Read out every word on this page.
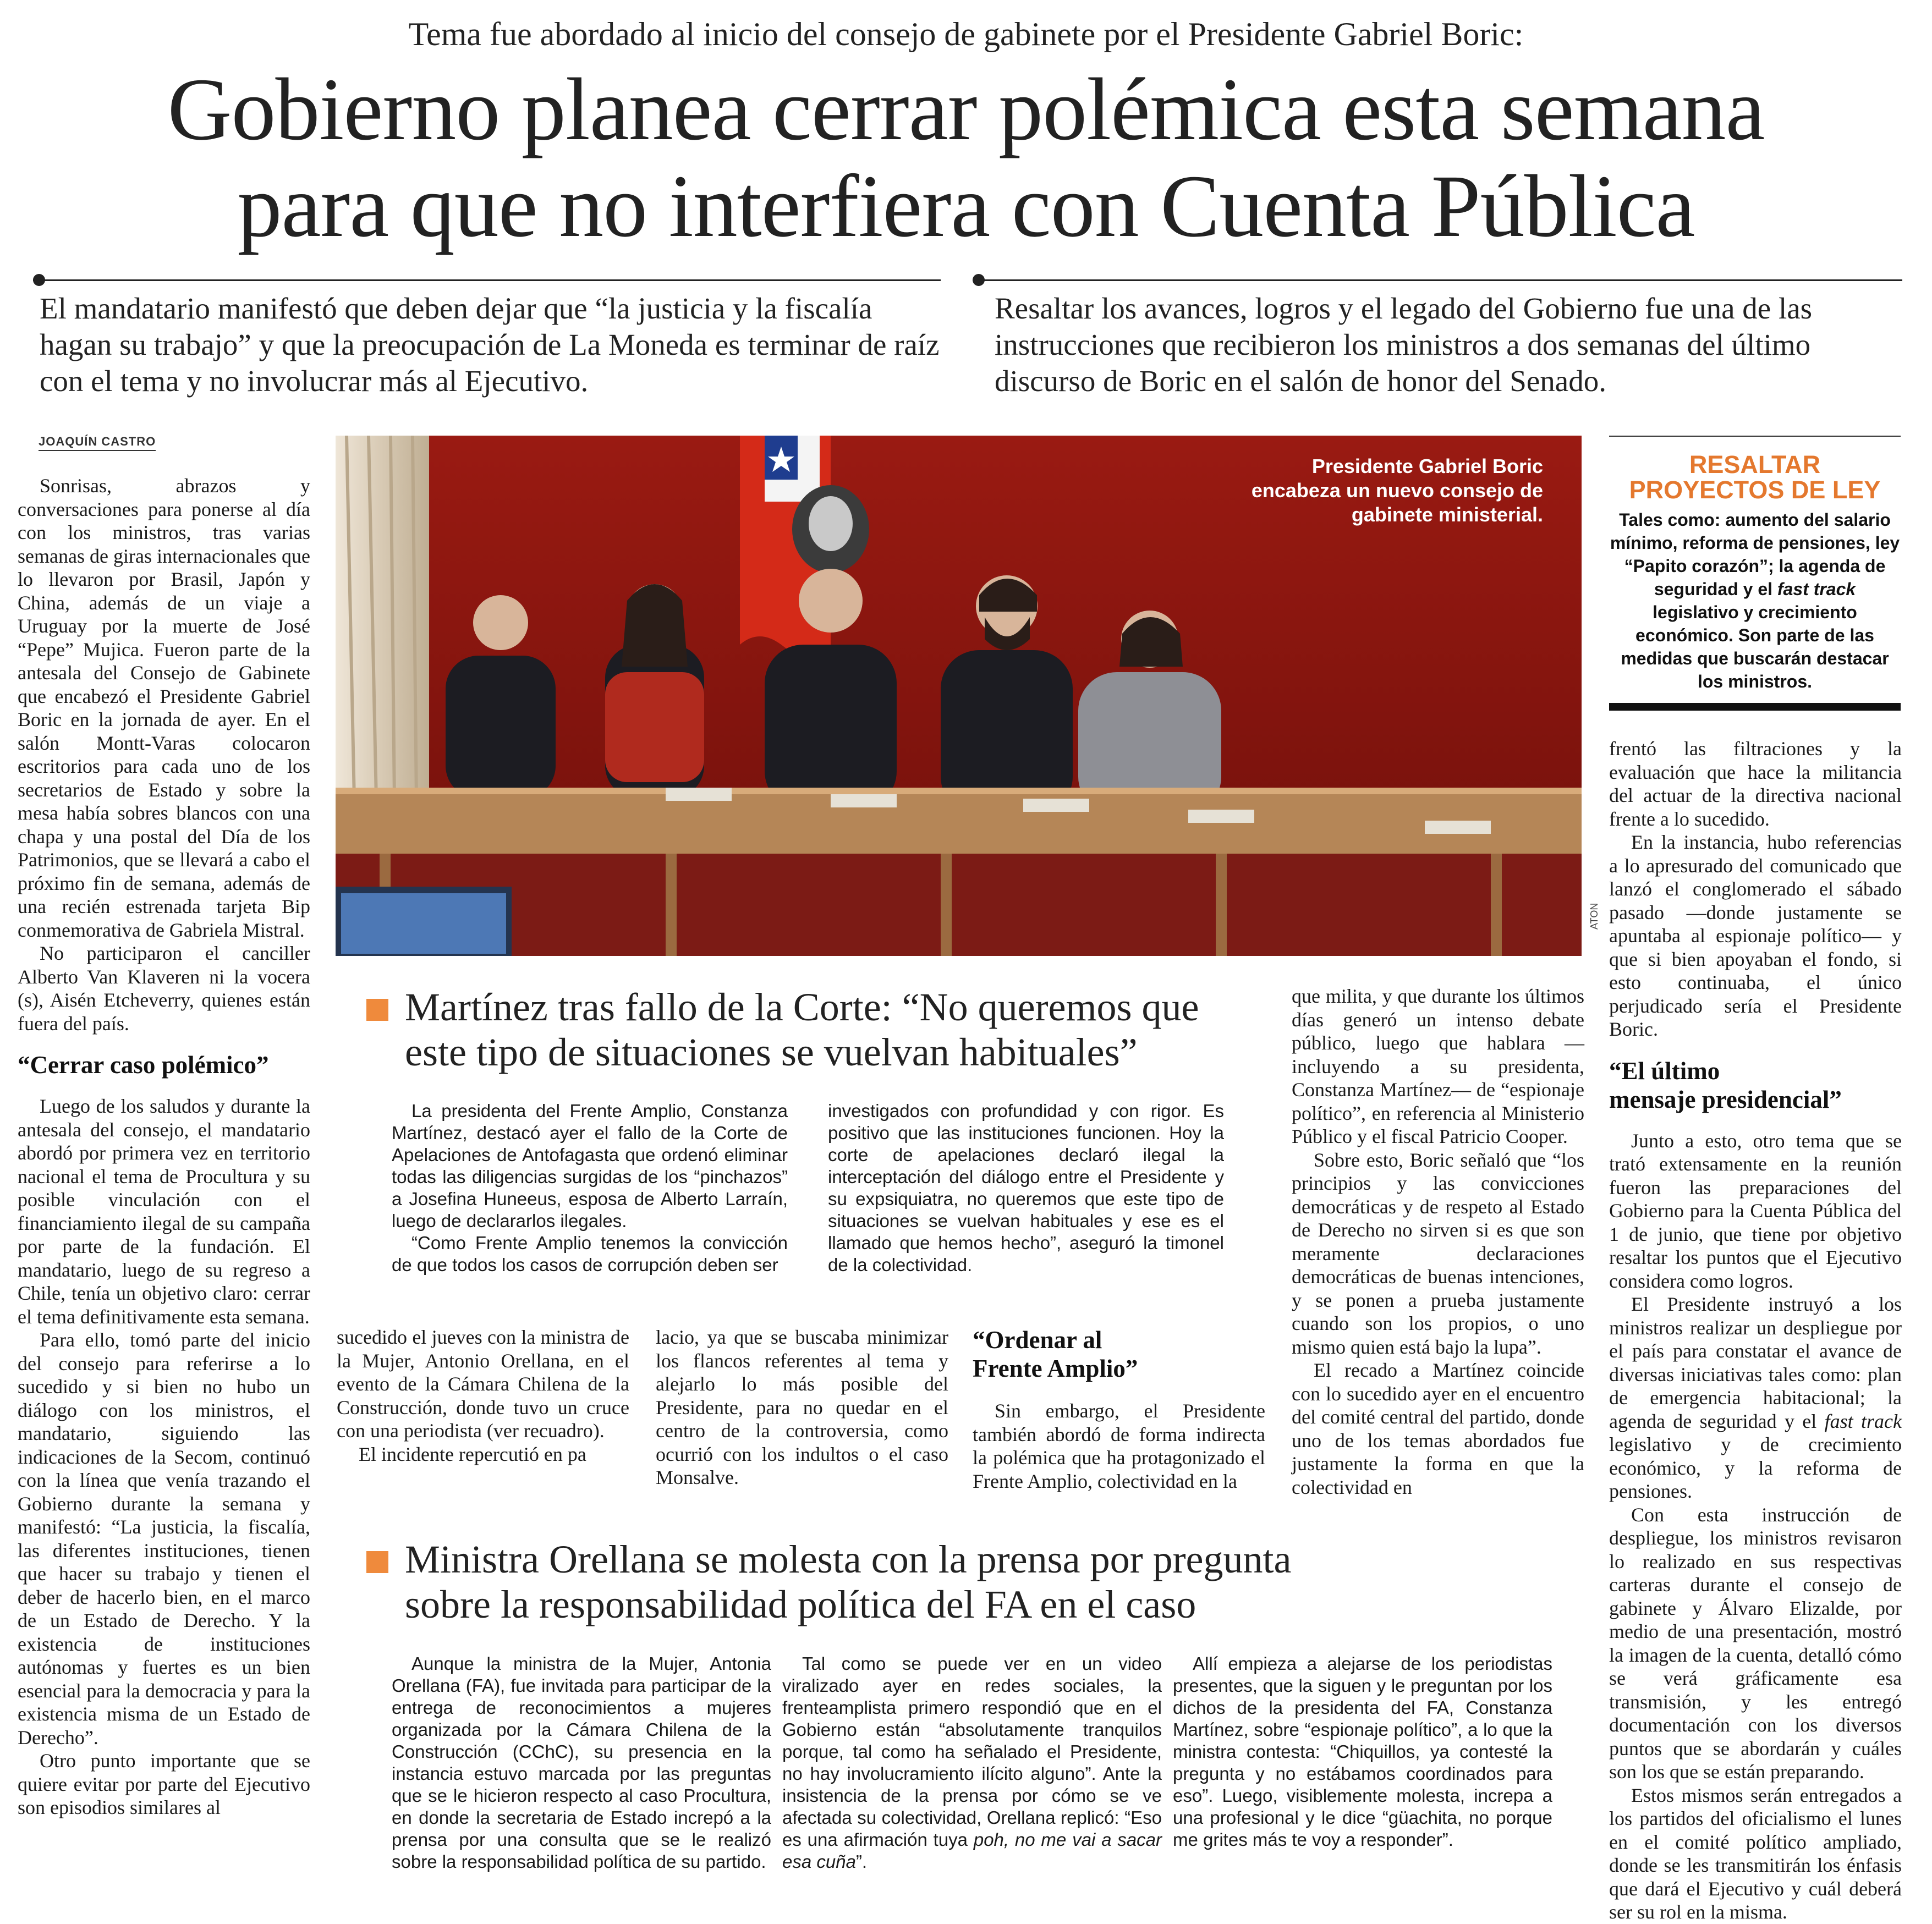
Tema fue abordado al inicio del consejo de gabinete por el Presidente Gabriel Boric:
Gobierno planea cerrar polémica esta semana
para que no interfiera con Cuenta Pública
El mandatario manifestó que deben dejar que “la justicia y la fiscalía hagan su trabajo” y que la preocupación de La Moneda es terminar de raíz con el tema y no involucrar más al Ejecutivo.
Resaltar los avances, logros y el legado del Gobierno fue una de las instrucciones que recibieron los ministros a dos semanas del último discurso de Boric en el salón de honor del Senado.
JOAQUÍN CASTRO

Sonrisas, abrazos y conversaciones para ponerse al día con los ministros, tras varias semanas de giras internacionales que lo llevaron por Brasil, Japón y China, además de un viaje a Uruguay por la muerte de José “Pepe” Mujica. Fueron parte de la antesala del Consejo de Gabinete que encabezó el Presidente Gabriel Boric en la jornada de ayer. En el salón Montt-Varas colocaron escritorios para cada uno de los secretarios de Estado y sobre la mesa había sobres blancos con una chapa y una postal del Día de los Patrimonios, que se llevará a cabo el próximo fin de semana, además de una recién estrenada tarjeta Bip conmemorativa de Gabriela Mistral.

No participaron el canciller Alberto Van Klaveren ni la vocera (s), Aisén Etcheverry, quienes están fuera del país.

“Cerrar caso polémico”

Luego de los saludos y durante la antesala del consejo, el mandatario abordó por primera vez en territorio nacional el tema de Procultura y su posible vinculación con el financiamiento ilegal de su campaña por parte de la fundación. El mandatario, luego de su regreso a Chile, tenía un objetivo claro: cerrar el tema definitivamente esta semana.

Para ello, tomó parte del inicio del consejo para referirse a lo sucedido y si bien no hubo un diálogo con los ministros, el mandatario, siguiendo las indicaciones de la Secom, continuó con la línea que venía trazando el Gobierno durante la semana y manifestó: “La justicia, la fiscalía, las diferentes instituciones, tienen que hacer su trabajo y tienen el deber de hacerlo bien, en el marco de un Estado de Derecho. Y la existencia de instituciones autónomas y fuertes es un bien esencial para la democracia y para la existencia misma de un Estado de Derecho”.

Otro punto importante que se quiere evitar por parte del Ejecutivo son episodios similares al

Presidente Gabriel Boric encabeza un nuevo consejo de gabinete ministerial.
ATON
RESALTAR
PROYECTOS DE LEY
Tales como: aumento del salario mínimo, reforma de pensiones, ley “Papito corazón”; la agenda de seguridad y el fast track legislativo y crecimiento económico. Son parte de las medidas que buscarán destacar los ministros.

frentó las filtraciones y la evaluación que hace la militancia del actuar de la directiva nacional frente a lo sucedido.

En la instancia, hubo referencias a lo apresurado del comunicado que lanzó el conglomerado el sábado pasado —donde justamente se apuntaba al espionaje político— y que si bien apoyaban el fondo, si esto continuaba, el único perjudicado sería el Presidente Boric.

“El último
mensaje presidencial”

Junto a esto, otro tema que se trató extensamente en la reunión fueron las preparaciones del Gobierno para la Cuenta Pública del 1 de junio, que tiene por objetivo resaltar los puntos que el Ejecutivo considera como logros.

El Presidente instruyó a los ministros realizar un despliegue por el país para constatar el avance de diversas iniciativas tales como: plan de emergencia habitacional; la agenda de seguridad y el fast track legislativo y de crecimiento económico, y la reforma de pensiones.

Con esta instrucción de despliegue, los ministros revisaron lo realizado en sus respectivas carteras durante el consejo de gabinete y Álvaro Elizalde, por medio de una presentación, mostró la imagen de la cuenta, detalló cómo se verá gráficamente esa transmisión, y les entregó documentación con los diversos puntos que se abordarán y cuáles son los que se están preparando.

Estos mismos serán entregados a los partidos del oficialismo el lunes en el comité político ampliado, donde se les transmitirán los énfasis que dará el Ejecutivo y cuál deberá ser su rol en la misma.

Martínez tras fallo de la Corte: “No queremos que
este tipo de situaciones se vuelvan habituales”

La presidenta del Frente Amplio, Constanza Martínez, destacó ayer el fallo de la Corte de Apelaciones de Antofagasta que ordenó eliminar todas las diligencias surgidas de los “pinchazos” a Josefina Huneeus, esposa de Alberto Larraín, luego de declararlos ilegales.

“Como Frente Amplio tenemos la convicción de que todos los casos de corrupción deben ser

investigados con profundidad y con rigor. Es positivo que las instituciones funcionen. Hoy la corte de apelaciones declaró ilegal la interceptación del diálogo entre el Presidente y su expsiquiatra, no queremos que este tipo de situaciones se vuelvan habituales y ese es el llamado que hemos hecho”, aseguró la timonel de la colectividad.

sucedido el jueves con la ministra de la Mujer, Antonio Orellana, en el evento de la Cámara Chilena de la Construcción, donde tuvo un cruce con una periodista (ver recuadro).

El incidente repercutió en pa

lacio, ya que se buscaba minimizar los flancos referentes al tema y alejarlo lo más posible del Presidente, para no quedar en el centro de la controversia, como ocurrió con los indultos o el caso Monsalve.

“Ordenar al
Frente Amplio”

Sin embargo, el Presidente también abordó de forma indirecta la polémica que ha protagonizado el Frente Amplio, colectividad en la

que milita, y que durante los últimos días generó un intenso debate público, luego que hablara —incluyendo a su presidenta, Constanza Martínez— de “espionaje político”, en referencia al Ministerio Público y el fiscal Patricio Cooper.

Sobre esto, Boric señaló que “los principios y las convicciones democráticas y de respeto al Estado de Derecho no sirven si es que son meramente declaraciones democráticas de buenas intenciones, y se ponen a prueba justamente cuando son los propios, o uno mismo quien está bajo la lupa”.

El recado a Martínez coincide con lo sucedido ayer en el encuentro del comité central del partido, donde uno de los temas abordados fue justamente la forma en que la colectividad en

Ministra Orellana se molesta con la prensa por pregunta
sobre la responsabilidad política del FA en el caso

Aunque la ministra de la Mujer, Antonia Orellana (FA), fue invitada para participar de la entrega de reconocimientos a mujeres organizada por la Cámara Chilena de la Construcción (CChC), su presencia en la instancia estuvo marcada por las preguntas que se le hicieron respecto al caso Procultura, en donde la secretaria de Estado increpó a la prensa por una consulta que se le realizó sobre la responsabilidad política de su partido.

Tal como se puede ver en un video viralizado ayer en redes sociales, la frenteamplista primero respondió que en el Gobierno están “absolutamente tranquilos porque, tal como ha señalado el Presidente, no hay involucramiento ilícito alguno”. Ante la insistencia de la prensa por cómo se ve afectada su colectividad, Orellana replicó: “Eso es una afirmación tuya poh, no me vai a sacar esa cuña”.

Allí empieza a alejarse de los periodistas presentes, que la siguen y le preguntan por los dichos de la presidenta del FA, Constanza Martínez, sobre “espionaje político”, a lo que la ministra contesta: “Chiquillos, ya contesté la pregunta y no estábamos coordinados para eso”. Luego, visiblemente molesta, increpa a una profesional y le dice “güachita, no porque me grites más te voy a responder”.
